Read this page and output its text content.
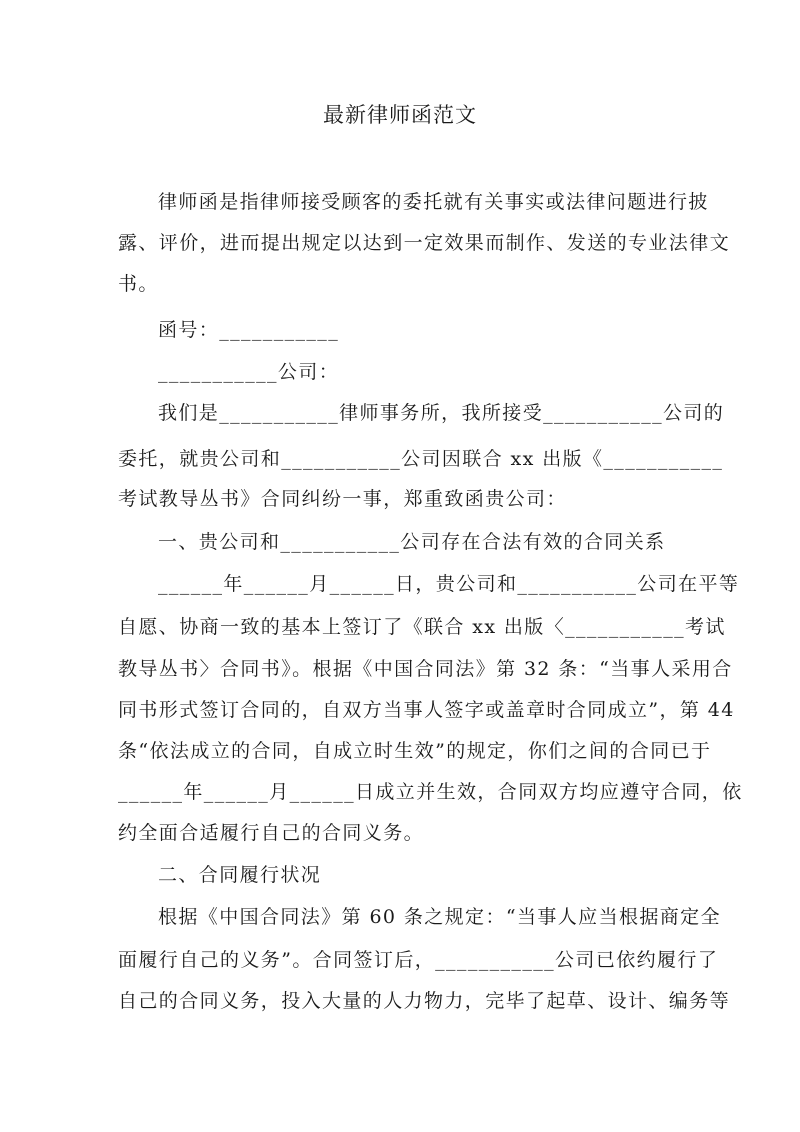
最新律师函范文
律师函是指律师接受顾客的委托就有关事实或法律问题进行披
露、评价，进而提出规定以达到一定效果而制作、发送的专业法律文
书。
函号：___________
___________公司：
我们是___________律师事务所，我所接受___________公司的
委托，就贵公司和___________公司因联合 xx 出版《___________
考试教导丛书》合同纠纷一事，郑重致函贵公司：
一、贵公司和___________公司存在合法有效的合同关系
______年______月______日，贵公司和___________公司在平等
自愿、协商一致的基本上签订了《联合 xx 出版〈___________考试
教导丛书〉合同书》。根据《中国合同法》第 32 条：“当事人采用合
同书形式签订合同的，自双方当事人签字或盖章时合同成立”，第 44
条“依法成立的合同，自成立时生效”的规定，你们之间的合同已于
______年______月______日成立并生效，合同双方均应遵守合同，依
约全面合适履行自己的合同义务。
二、合同履行状况
根据《中国合同法》第 60 条之规定：“当事人应当根据商定全
面履行自己的义务”。合同签订后，___________公司已依约履行了
自己的合同义务，投入大量的人力物力，完毕了起草、设计、编务等
